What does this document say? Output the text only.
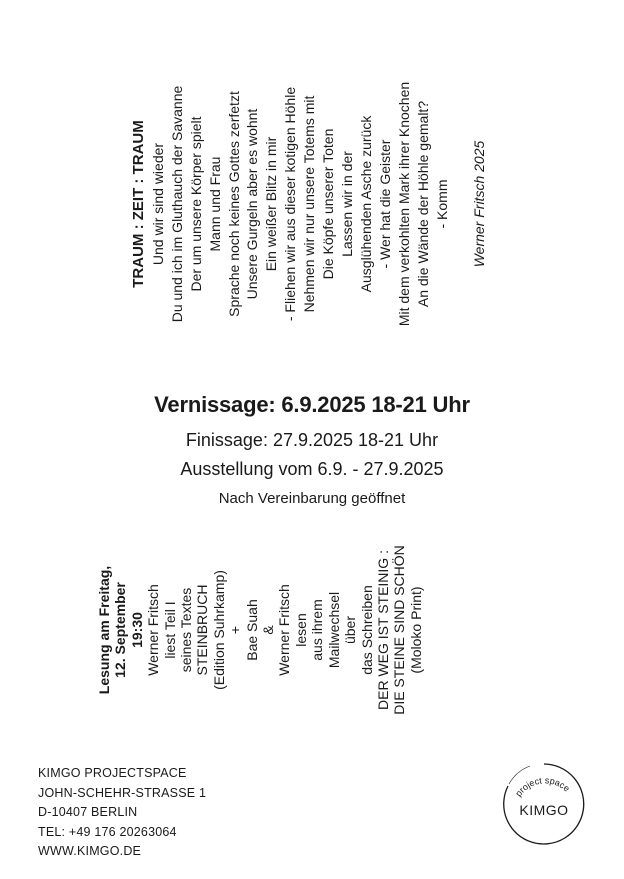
TRAUM : ZEIT : TRAUM Und wir sind wieder Du und ich im Gluthauch der Savanne Der um unsere Körper spielt Mann und Frau Sprache noch keines Gottes zerfetzt Unsere Gurgeln aber es wohnt Ein weißer Blitz in mir - Fliehen wir aus dieser kotigen Höhle Nehmen wir nur unsere Totems mit Die Köpfe unserer Toten Lassen wir in der Ausglühenden Asche zurück - Wer hat die Geister Mit dem verkohlten Mark ihrer Knochen An die Wände der Höhle gemalt? - Komm Werner Fritsch 2025
Vernissage: 6.9.2025 18-21 Uhr
Finissage: 27.9.2025 18-21 Uhr
Ausstellung vom 6.9. - 27.9.2025
Nach Vereinbarung geöffnet
Lesung am Freitag, 12. September 19:30 Werner Fritsch liest Teil I seines Textes STEINBRUCH (Edition Suhrkamp) + Bae Suah & Werner Fritsch lesen aus ihrem Mailwechsel über das Schreiben DER WEG IST STEINIG : DIE STEINE SIND SCHÖN (Moloko Print)
KIMGO PROJECTSPACE
JOHN-SCHEHR-STRASSE 1
D-10407 BERLIN
TEL: +49 176 20263064
WWW.KIMGO.DE
project space
KIMGO
